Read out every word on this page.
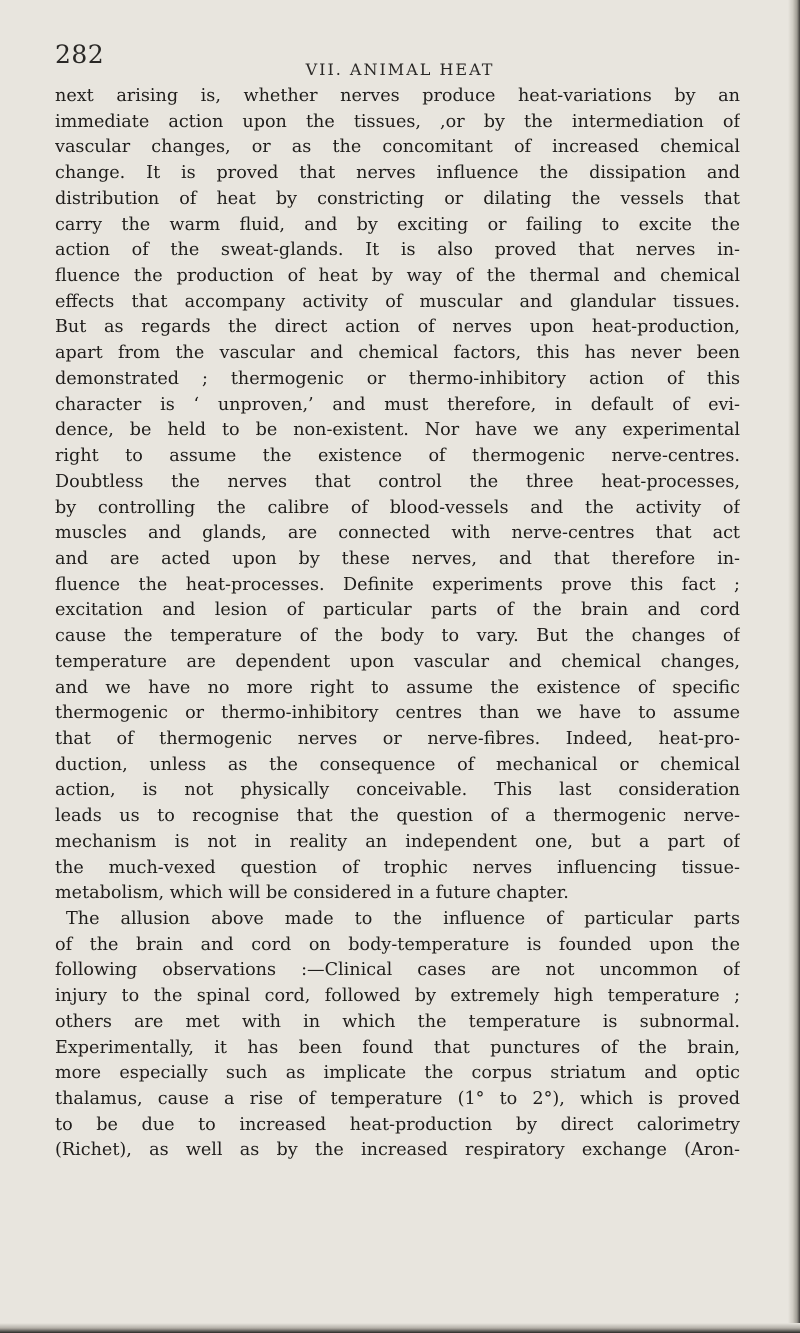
282
VII. ANIMAL HEAT
next arising is, whether nerves produce heat-variations by an
immediate action upon the tissues, ,or by the intermediation of
vascular changes, or as the concomitant of increased chemical
change. It is proved that nerves influence the dissipation and
distribution of heat by constricting or dilating the vessels that
carry the warm fluid, and by exciting or failing to excite the
action of the sweat-glands. It is also proved that nerves in-
fluence the production of heat by way of the thermal and chemical
effects that accompany activity of muscular and glandular tissues.
But as regards the direct action of nerves upon heat-production,
apart from the vascular and chemical factors, this has never been
demonstrated ; thermogenic or thermo-inhibitory action of this
character is ‘ unproven,’ and must therefore, in default of evi-
dence, be held to be non-existent. Nor have we any experimental
right to assume the existence of thermogenic nerve-centres.
Doubtless the nerves that control the three heat-processes,
by controlling the calibre of blood-vessels and the activity of
muscles and glands, are connected with nerve-centres that act
and are acted upon by these nerves, and that therefore in-
fluence the heat-processes. Definite experiments prove this fact ;
excitation and lesion of particular parts of the brain and cord
cause the temperature of the body to vary. But the changes of
temperature are dependent upon vascular and chemical changes,
and we have no more right to assume the existence of specific
thermogenic or thermo-inhibitory centres than we have to assume
that of thermogenic nerves or nerve-fibres. Indeed, heat-pro-
duction, unless as the consequence of mechanical or chemical
action, is not physically conceivable. This last consideration
leads us to recognise that the question of a thermogenic nerve-
mechanism is not in reality an independent one, but a part of
the much-vexed question of trophic nerves influencing tissue-
metabolism, which will be considered in a future chapter.
The allusion above made to the influence of particular parts
of the brain and cord on body-temperature is founded upon the
following observations :—Clinical cases are not uncommon of
injury to the spinal cord, followed by extremely high temperature ;
others are met with in which the temperature is subnormal.
Experimentally, it has been found that punctures of the brain,
more especially such as implicate the corpus striatum and optic
thalamus, cause a rise of temperature (1° to 2°), which is proved
to be due to increased heat-production by direct calorimetry
(Richet), as well as by the increased respiratory exchange (Aron-
